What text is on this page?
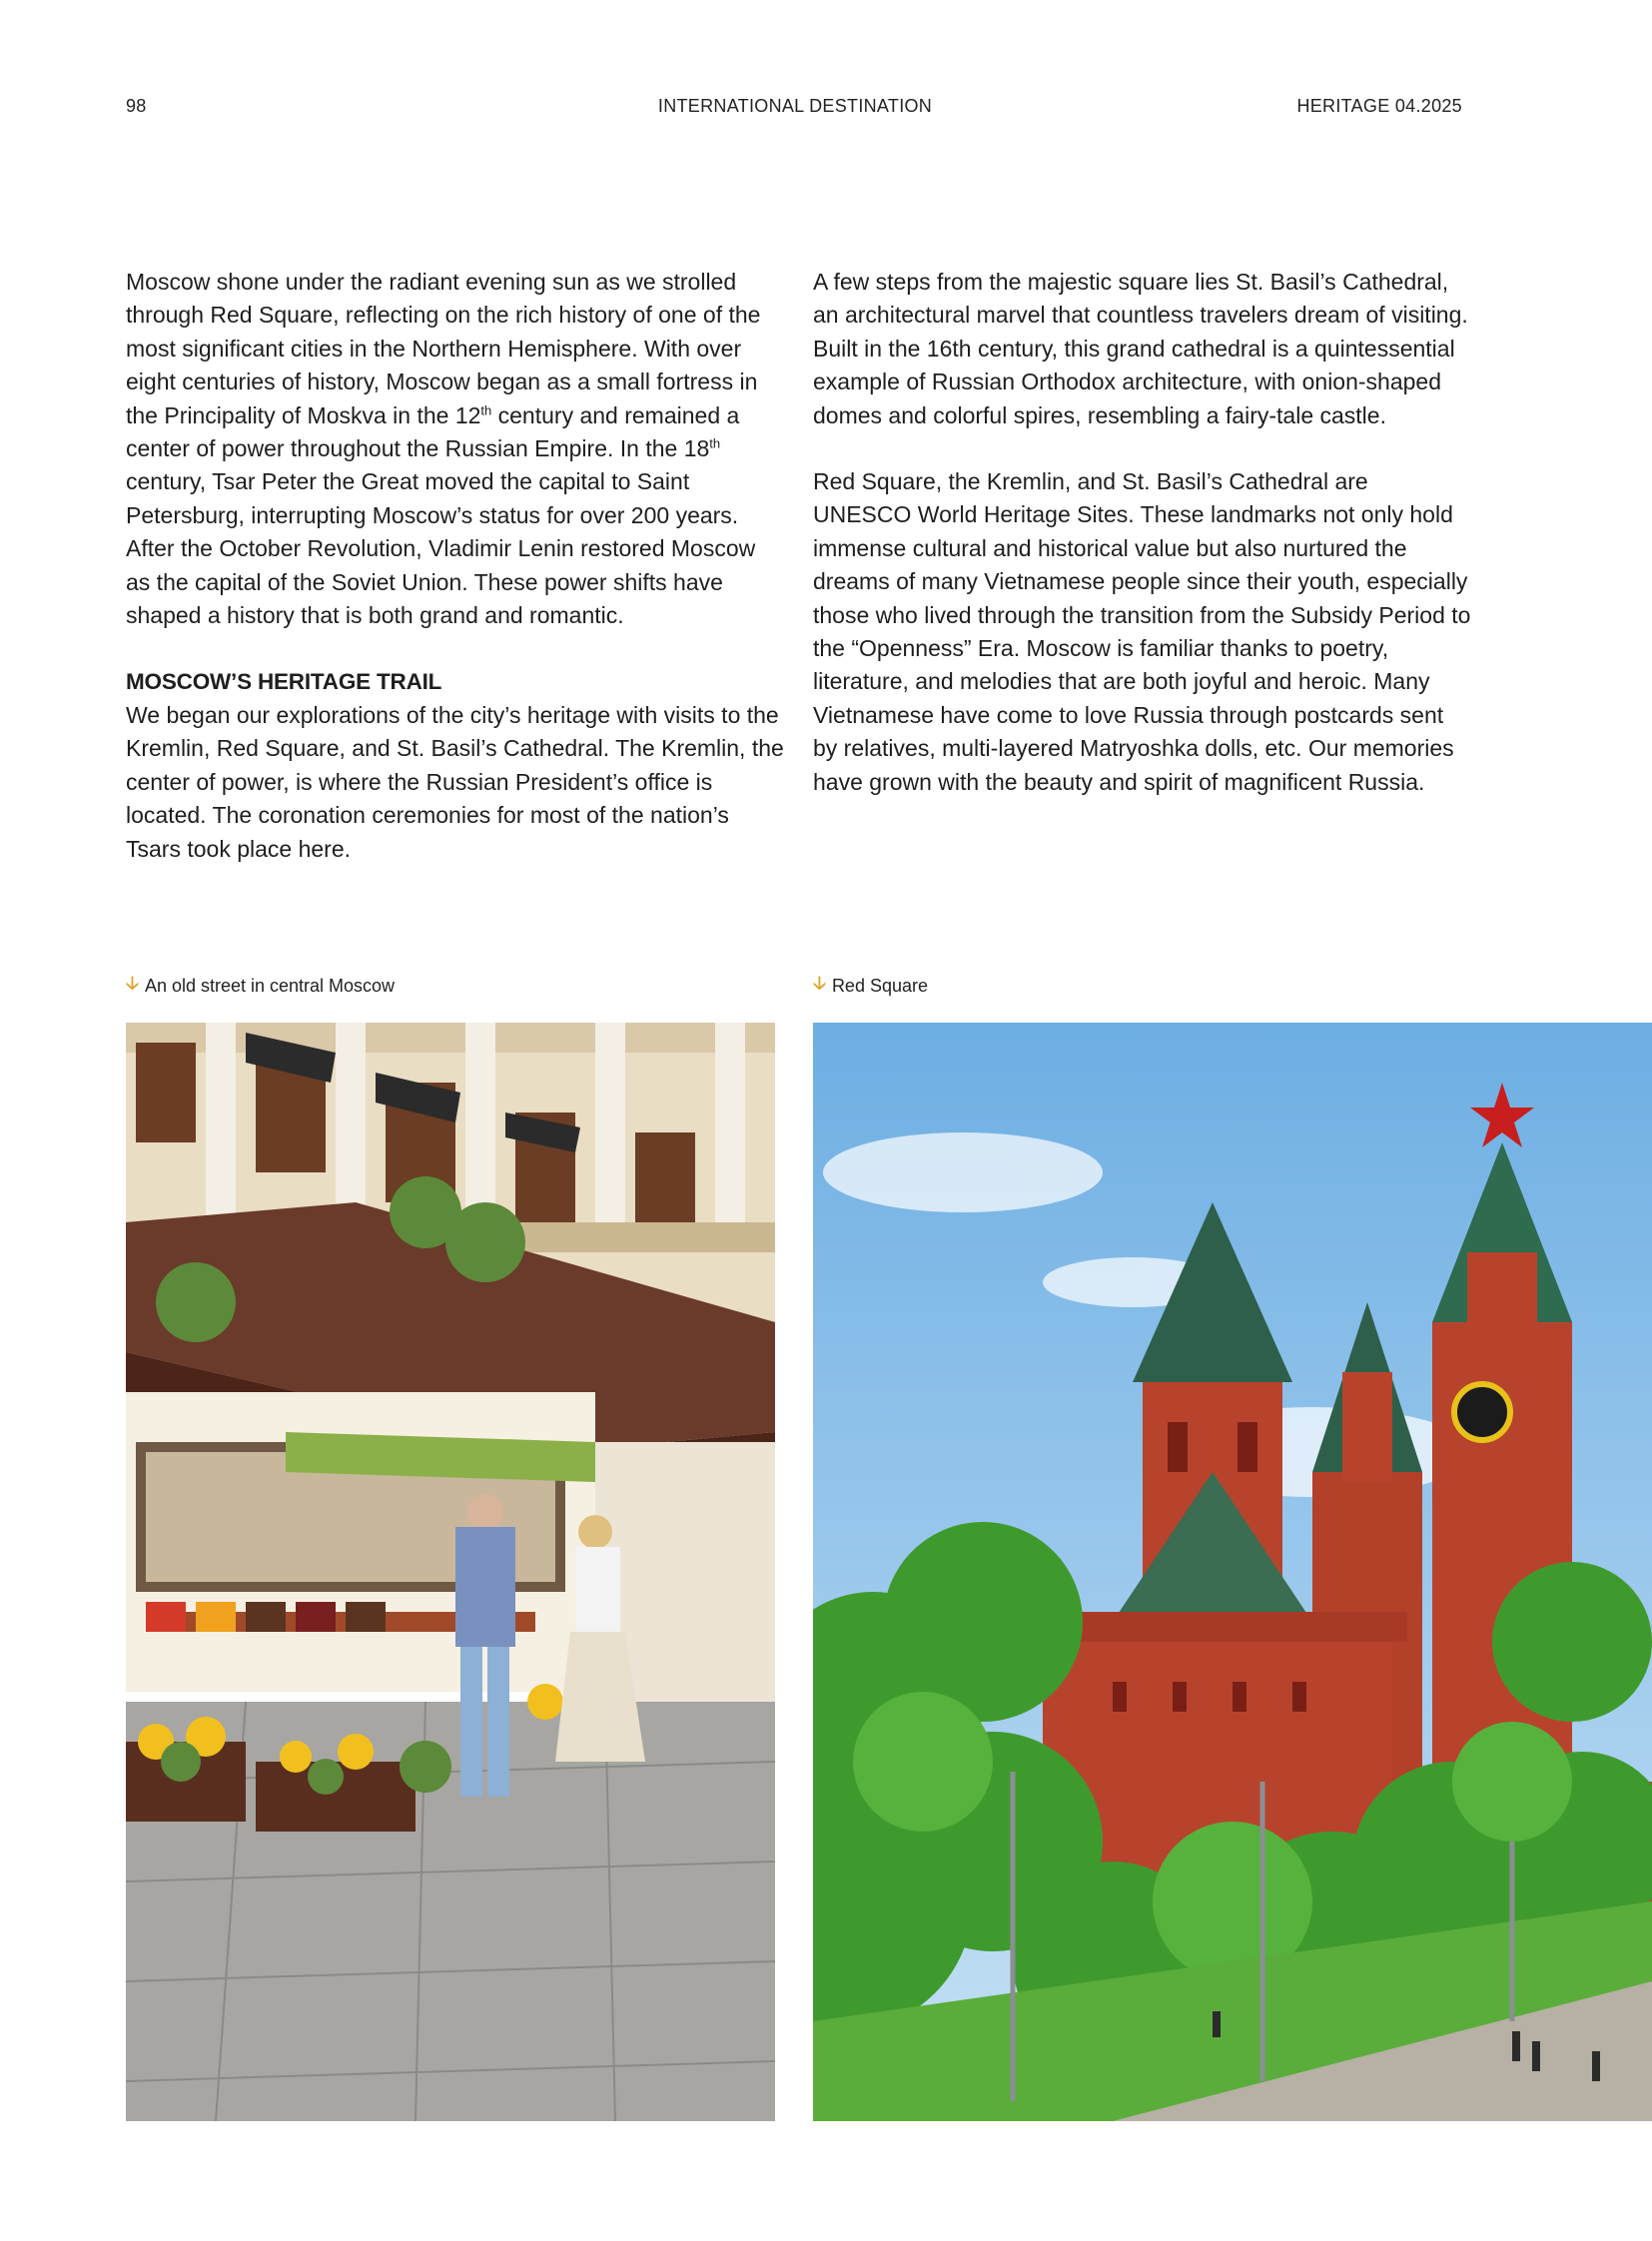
98	INTERNATIONAL DESTINATION	HERITAGE 04.2025

Moscow shone under the radiant evening sun as we strolled through Red Square, reflecting on the rich history of one of the most significant cities in the Northern Hemisphere. With over eight centuries of history, Moscow began as a small fortress in the Principality of Moskva in the 12th century and remained a center of power throughout the Russian Empire. In the 18th century, Tsar Peter the Great moved the capital to Saint Petersburg, interrupting Moscow’s status for over 200 years. After the October Revolution, Vladimir Lenin restored Moscow as the capital of the Soviet Union. These power shifts have shaped a history that is both grand and romantic.

MOSCOW’S HERITAGE TRAIL

We began our explorations of the city’s heritage with visits to the Kremlin, Red Square, and St. Basil’s Cathedral. The Kremlin, the center of power, is where the Russian President’s office is located. The coronation ceremonies for most of the nation’s Tsars took place here.

A few steps from the majestic square lies St. Basil’s Cathedral, an architectural marvel that countless travelers dream of visiting. Built in the 16th century, this grand cathedral is a quintessential example of Russian Orthodox architecture, with onion-shaped domes and colorful spires, resembling a fairy-tale castle.

Red Square, the Kremlin, and St. Basil’s Cathedral are UNESCO World Heritage Sites. These landmarks not only hold immense cultural and historical value but also nurtured the dreams of many Vietnamese people since their youth, especially those who lived through the transition from the Subsidy Period to the “Openness” Era. Moscow is familiar thanks to poetry, literature, and melodies that are both joyful and heroic. Many Vietnamese have come to love Russia through postcards sent by relatives, multi-layered Matryoshka dolls, etc. Our memories have grown with the beauty and spirit of magnificent Russia.

🡣 An old street in central Moscow	🡣 Red Square
